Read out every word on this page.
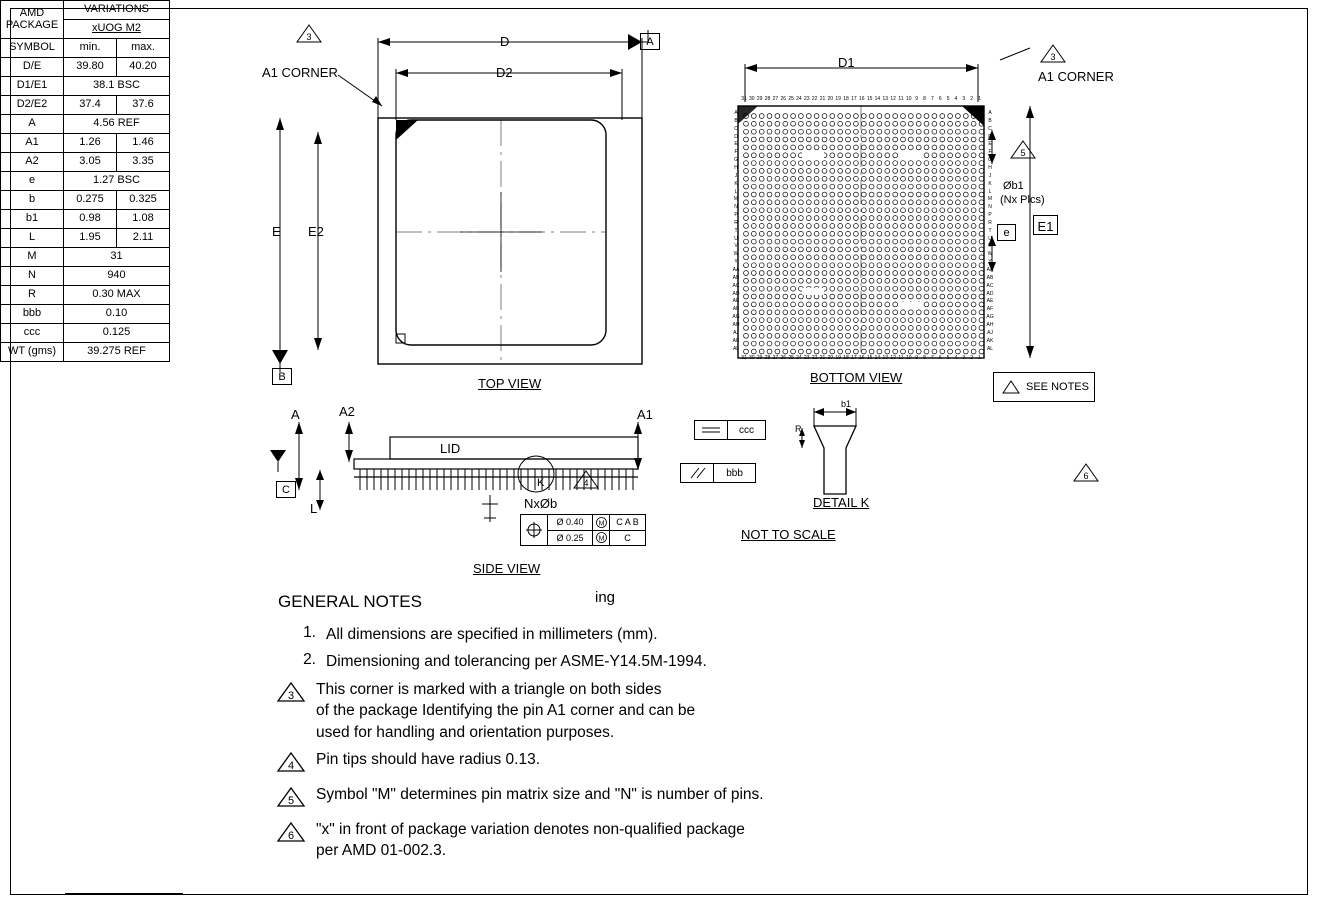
D
D2
E E2
A1 CORNER
A
B	TOP VIEW
3
31 30 29 28 27 26 25 24 23 22 21 20 19 18 17 16 15 14 13 12 11 10 9	8	7	6	5	4	3	2	1
31 30 29 28 27 26 25 24 23 22 21 20 19 18 17 16 15 14 13 12 11 10 9	8	7	6	5	4	3	2	1
A
B
C
D
E
F
G
H
J
K
L
M
N
P
R
T
U
V
W
Y
AA
AB
AC
AD
AE
AF
AG
AH
AJ
AK
AL
A
B
C
D
E
F
G
H
J
K
L
M
N
P
R
T
U
V
W
Y
AA
AB
AC
AD
AE
AF
AG
AH
AJ
AK
AL
D1
A1 CORNER
Øb1
(Nx Plcs)
e	E1
BOTTOM VIEW
3
5
SEE NOTES
A	A2	A1
L
LID
K
NxØb
C
SIDE VIEW
4
ccc
bbb
Ø 0.40	M	C A B
Ø 0.25	M	C
b1
R
DETAIL K
NOT TO SCALE
AMD
PACKAGE	VARIATIONS	
	xUOG M2	
SYMBOL	min.	max.
D/E	39.80	40.20
D1/E1	38.1 BSC	
D2/E2	37.4	37.6
A	4.56 REF	
A1	1.26	1.46
A2	3.05	3.35
e	1.27 BSC	
b	0.275	0.325
b1	0.98	1.08
L	1.95	2.11
M	31	
N	940	
R	0.30 MAX	
bbb	0.10	
ccc	0.125	
WT (gms)	39.275 REF	
6
GENERAL NOTES	ing
1. All dimensions are specified in millimeters (mm).
2. Dimensioning and tolerancing per ASME-Y14.5M-1994.
3 This corner is marked with a triangle on both sides
of the package Identifying the pin A1 corner and can be
used for handling and orientation purposes.
4 Pin tips should have radius 0.13.
5 Symbol "M" determines pin matrix size and "N" is number of pins.
6 "x" in front of package variation denotes non-qualified package
per AMD 01-002.3.
